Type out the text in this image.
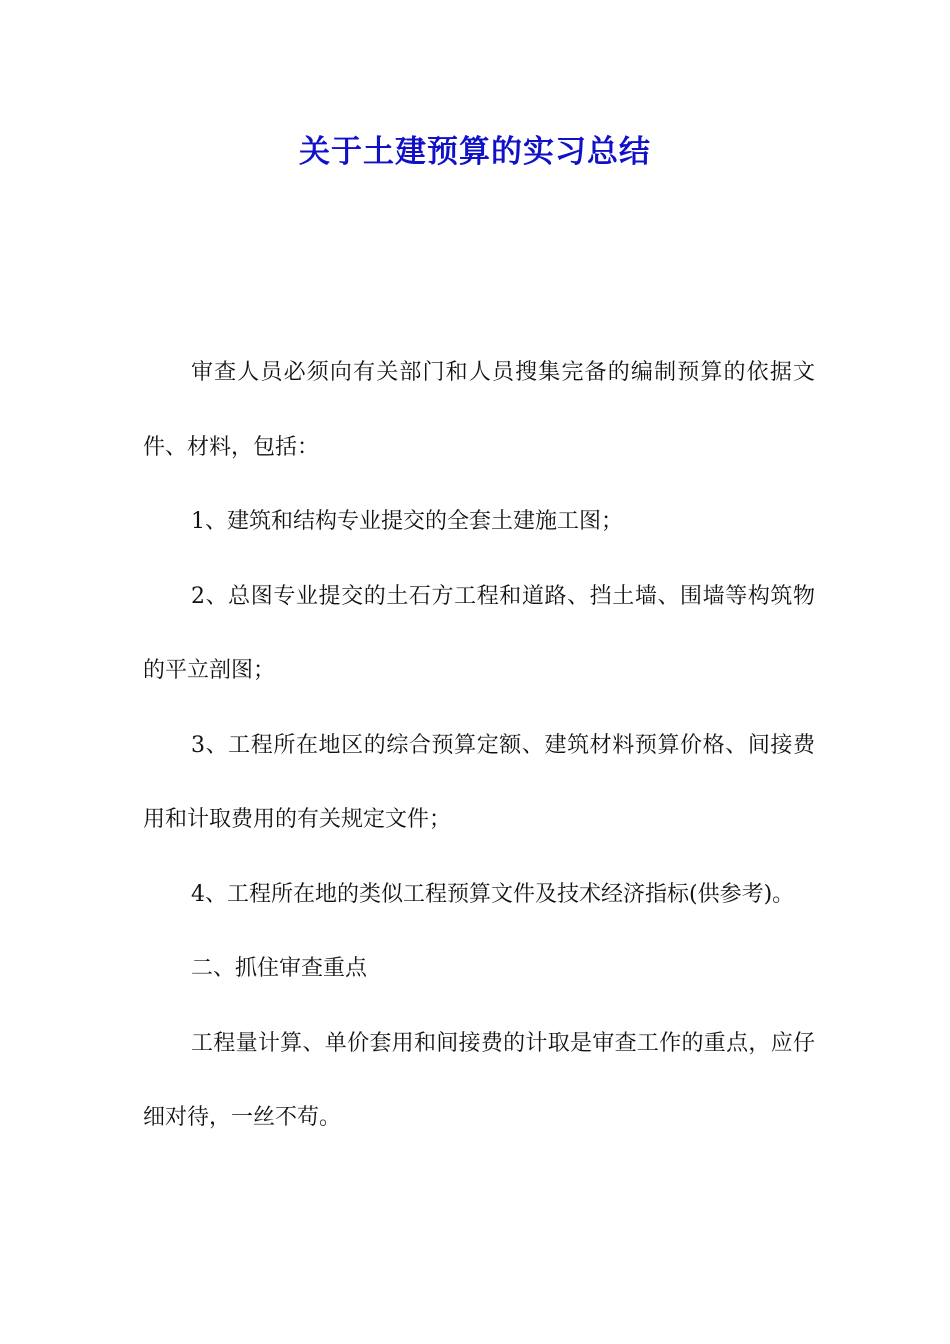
关于土建预算的实习总结

审查人员必须向有关部门和人员搜集完备的编制预算的依据文件、材料，包括：

1、建筑和结构专业提交的全套土建施工图；

2、总图专业提交的土石方工程和道路、挡土墙、围墙等构筑物的平立剖图；

3、工程所在地区的综合预算定额、建筑材料预算价格、间接费用和计取费用的有关规定文件；

4、工程所在地的类似工程预算文件及技术经济指标(供参考)。

二、抓住审查重点

工程量计算、单价套用和间接费的计取是审查工作的重点，应仔细对待，一丝不苟。
